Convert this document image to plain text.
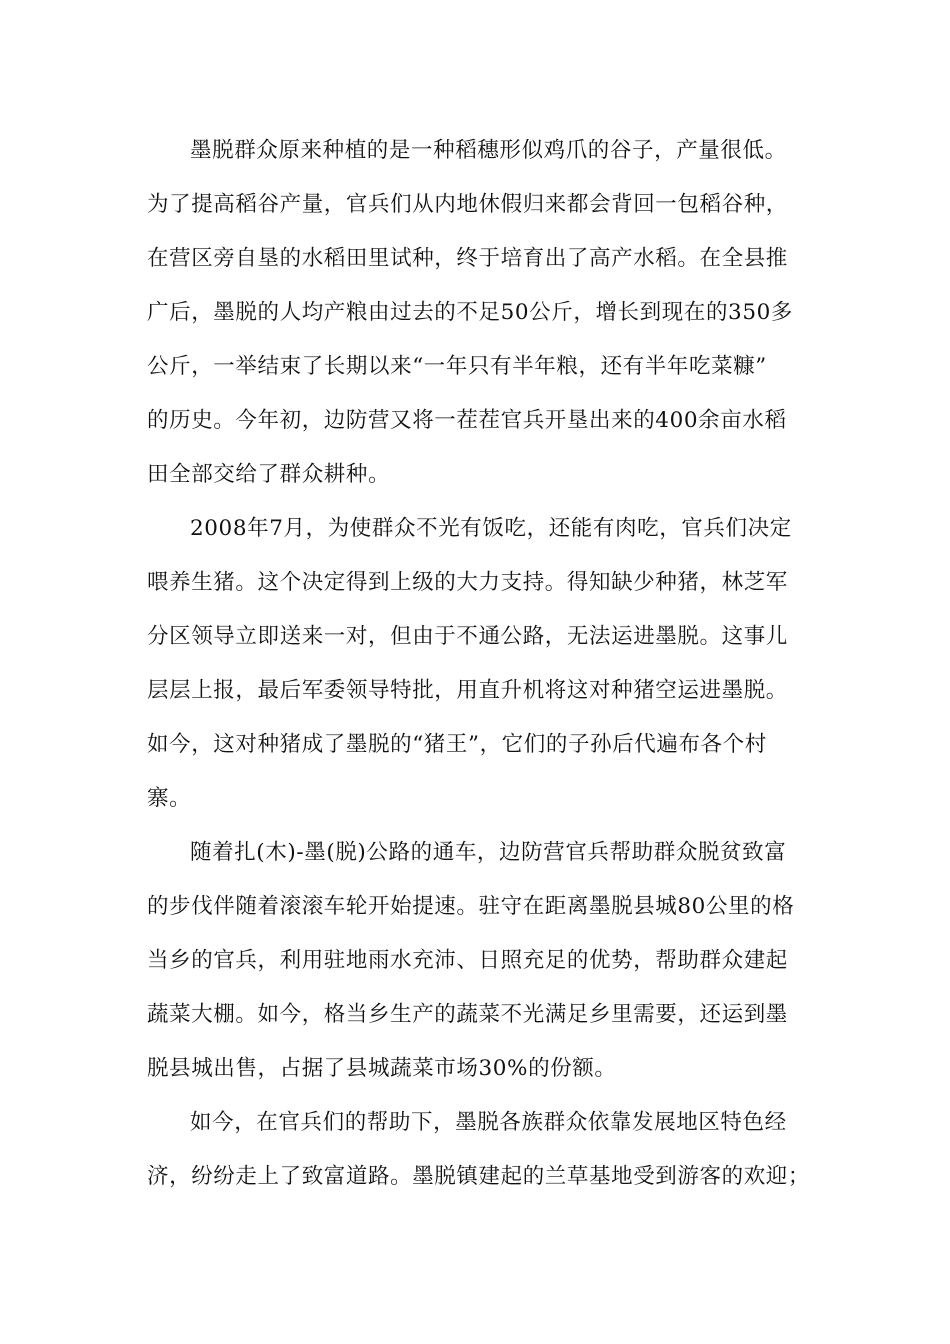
墨脱群众原来种植的是一种稻穗形似鸡爪的谷子，产量很低。
为了提高稻谷产量，官兵们从内地休假归来都会背回一包稻谷种，
在营区旁自垦的水稻田里试种，终于培育出了高产水稻。在全县推
广后，墨脱的人均产粮由过去的不足50公斤，增长到现在的350多
公斤，一举结束了长期以来“一年只有半年粮，还有半年吃菜糠”
的历史。今年初，边防营又将一茬茬官兵开垦出来的400余亩水稻
田全部交给了群众耕种。
2008年7月，为使群众不光有饭吃，还能有肉吃，官兵们决定
喂养生猪。这个决定得到上级的大力支持。得知缺少种猪，林芝军
分区领导立即送来一对，但由于不通公路，无法运进墨脱。这事儿
层层上报，最后军委领导特批，用直升机将这对种猪空运进墨脱。
如今，这对种猪成了墨脱的“猪王”，它们的子孙后代遍布各个村
寨。
随着扎(木)-墨(脱)公路的通车，边防营官兵帮助群众脱贫致富
的步伐伴随着滚滚车轮开始提速。驻守在距离墨脱县城80公里的格
当乡的官兵，利用驻地雨水充沛、日照充足的优势，帮助群众建起
蔬菜大棚。如今，格当乡生产的蔬菜不光满足乡里需要，还运到墨
脱县城出售，占据了县城蔬菜市场30%的份额。
如今，在官兵们的帮助下，墨脱各族群众依靠发展地区特色经
济，纷纷走上了致富道路。墨脱镇建起的兰草基地受到游客的欢迎；
